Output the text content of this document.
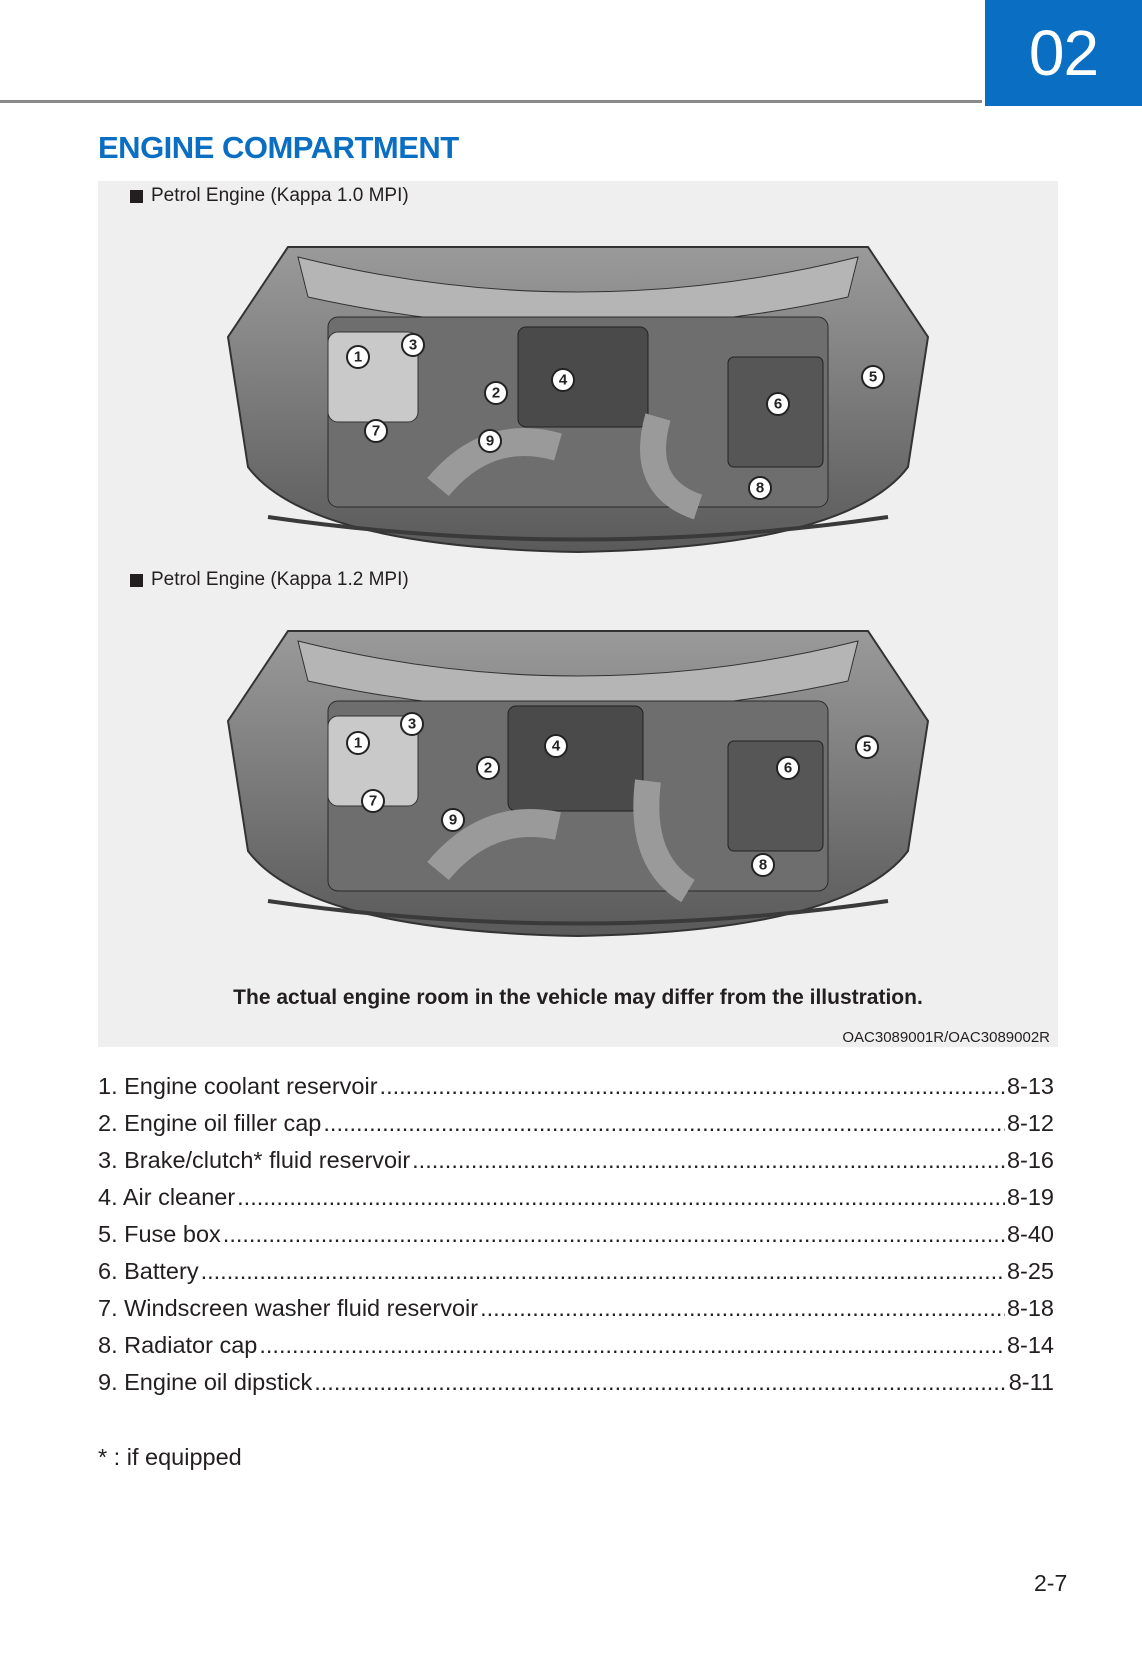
02
ENGINE COMPARTMENT
Petrol Engine (Kappa 1.0 MPI)
1
2
3
4	5
6
7
8
9
Petrol Engine (Kappa 1.2 MPI)
1
2
3
4	5
6
7
8
9
The actual engine room in the vehicle may differ from the illustration.
OAC3089001R/OAC3089002R
1. Engine coolant reservoir .....	8-13
2. Engine oil filler cap .....	8-12
3. Brake/clutch* fluid reservoir .....	8-16
4. Air cleaner .....	8-19
5. Fuse box .....	8-40
6. Battery .....	8-25
7. Windscreen washer fluid reservoir .....	8-18
8. Radiator cap .....	8-14
9. Engine oil dipstick .....	8-11
* : if equipped
2-7
